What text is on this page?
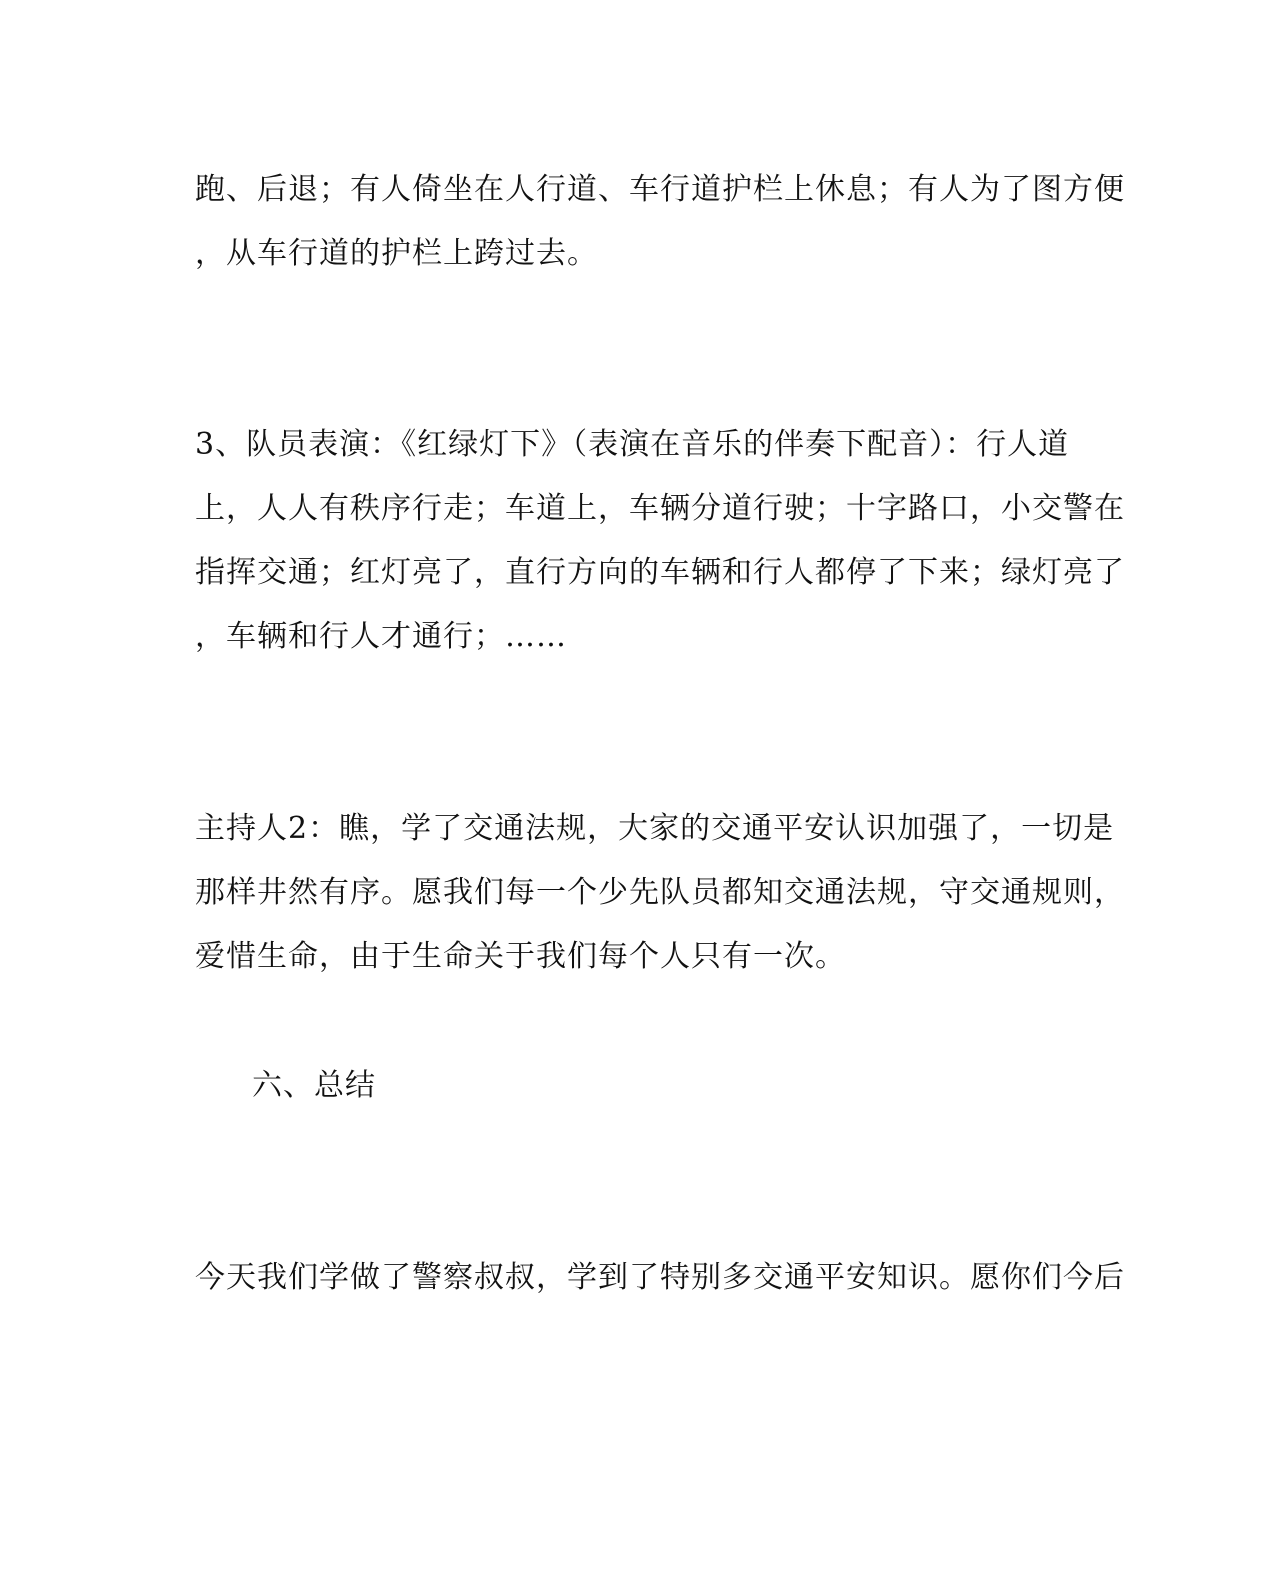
跑、后退；有人倚坐在人行道、车行道护栏上休息；有人为了图方便
，从车行道的护栏上跨过去。
3、队员表演：《红绿灯下》（表演在音乐的伴奏下配音）：行人道
上，人人有秩序行走；车道上，车辆分道行驶；十字路口，小交警在
指挥交通；红灯亮了，直行方向的车辆和行人都停了下来；绿灯亮了
，车辆和行人才通行；……
主持人2：瞧，学了交通法规，大家的交通平安认识加强了，一切是
那样井然有序。愿我们每一个少先队员都知交通法规，守交通规则，
爱惜生命，由于生命关于我们每个人只有一次。
六、总结
今天我们学做了警察叔叔，学到了特别多交通平安知识。愿你们今后
